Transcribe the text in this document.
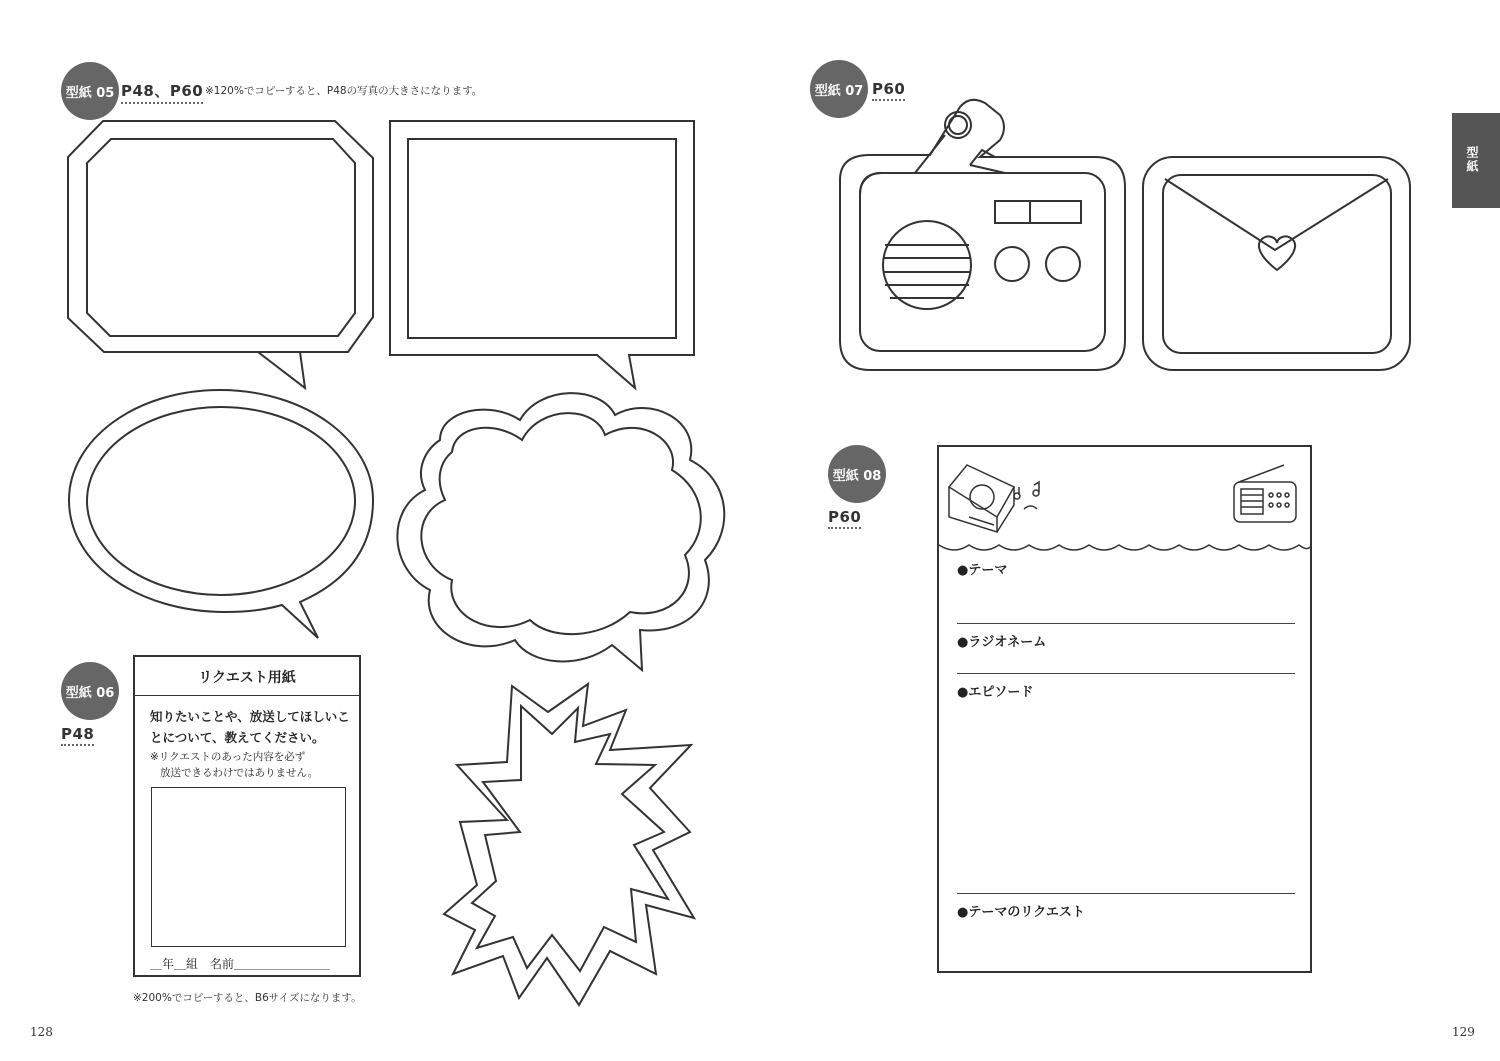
型紙 05 P48、P60 ※120%でコピーすると、P48の写真の大きさになります。
型紙 06
P48
リクエスト用紙
知りたいことや、放送してほしいこ
とについて、教えてください。
※リクエストのあった内容を必ず
放送できるわけではありません。
＿年＿組　名前＿＿＿＿＿＿＿＿
※200%でコピーすると、B6サイズになります。
128
型紙 07 P60
型紙
型紙 08
P60
●テーマ
●ラジオネーム
●エピソード
●テーマのリクエスト
129
